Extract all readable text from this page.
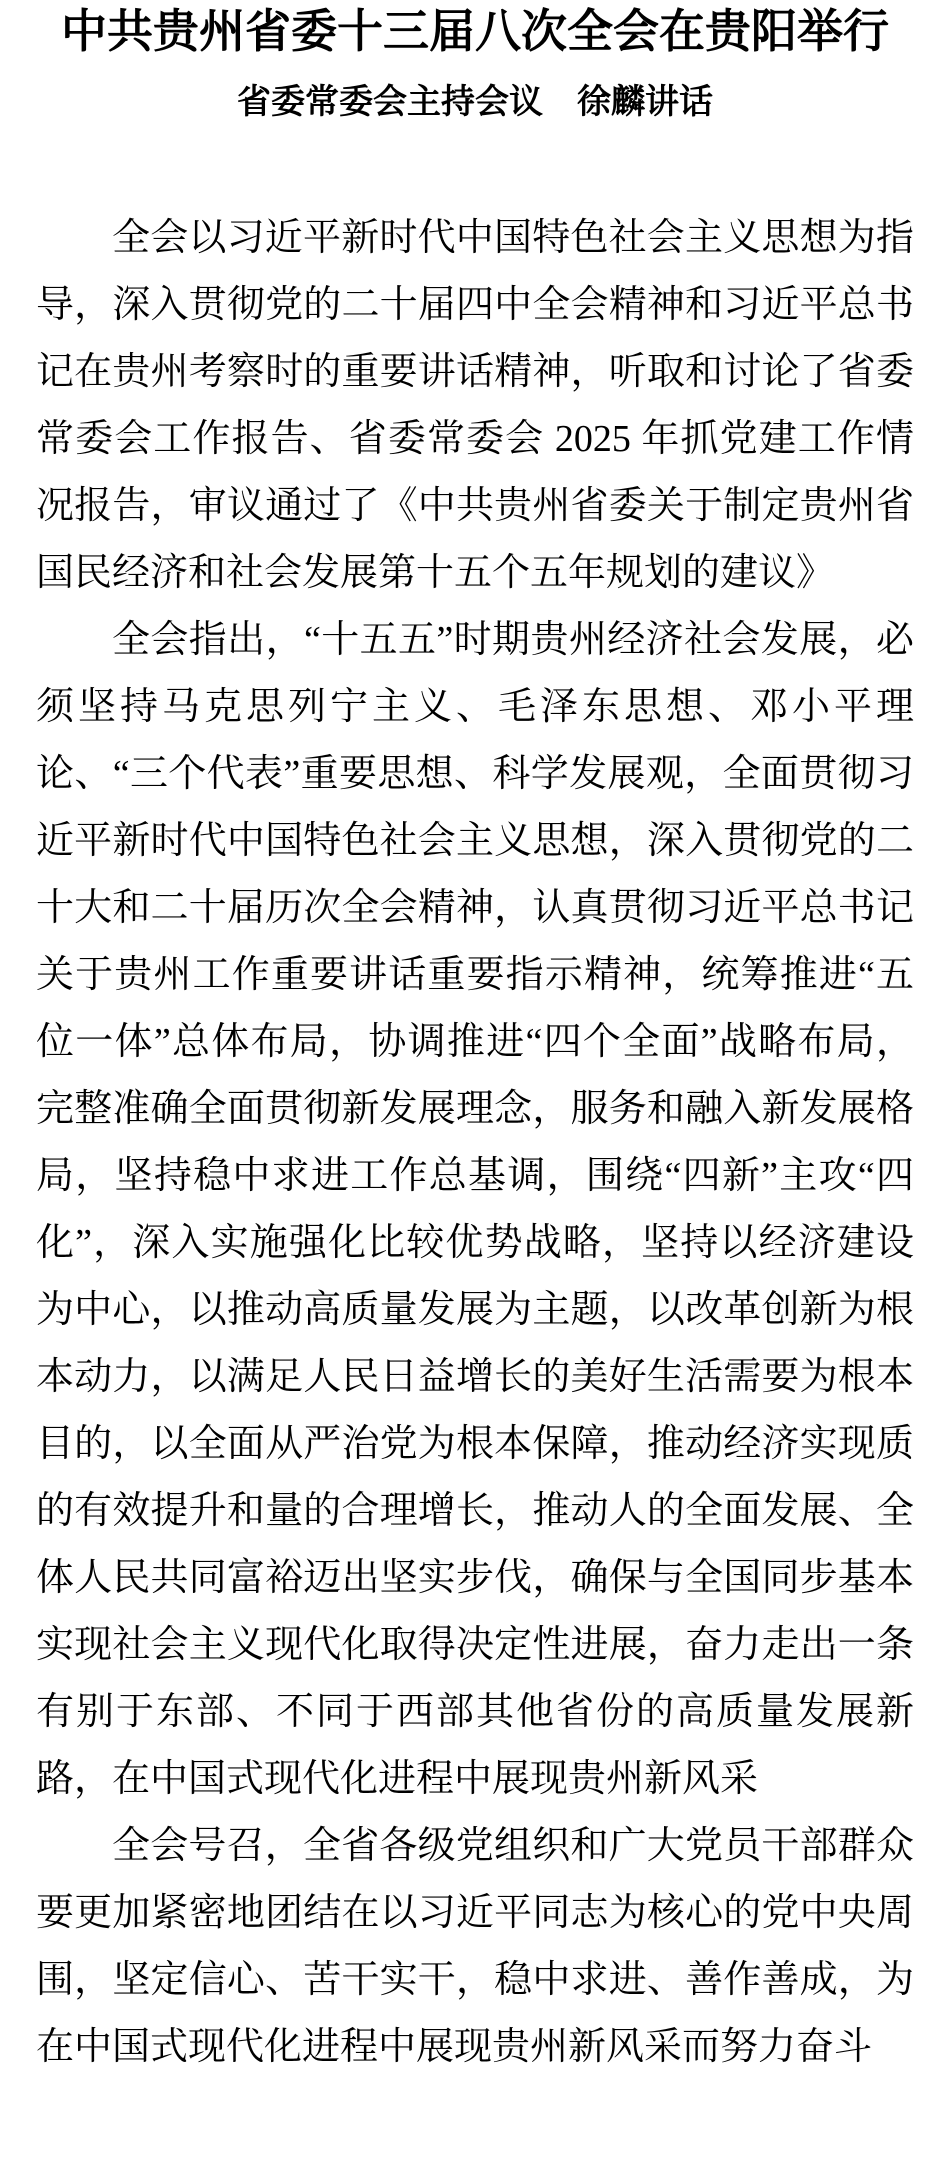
中共贵州省委十三届八次全会在贵阳举行
省委常委会主持会议　徐麟讲话

全会以习近平新时代中国特色社会主义思想为指导，深入贯彻党的二十届四中全会精神和习近平总书记在贵州考察时的重要讲话精神，听取和讨论了省委常委会工作报告、省委常委会 2025 年抓党建工作情况报告，审议通过了《中共贵州省委关于制定贵州省国民经济和社会发展第十五个五年规划的建议》

全会指出，“十五五”时期贵州经济社会发展，必须坚持马克思列宁主义、毛泽东思想、邓小平理论、“三个代表”重要思想、科学发展观，全面贯彻习近平新时代中国特色社会主义思想，深入贯彻党的二十大和二十届历次全会精神，认真贯彻习近平总书记关于贵州工作重要讲话重要指示精神，统筹推进“五位一体”总体布局，协调推进“四个全面”战略布局，完整准确全面贯彻新发展理念，服务和融入新发展格局，坚持稳中求进工作总基调，围绕“四新”主攻“四化”，深入实施强化比较优势战略，坚持以经济建设为中心，以推动高质量发展为主题，以改革创新为根本动力，以满足人民日益增长的美好生活需要为根本目的，以全面从严治党为根本保障，推动经济实现质的有效提升和量的合理增长，推动人的全面发展、全体人民共同富裕迈出坚实步伐，确保与全国同步基本实现社会主义现代化取得决定性进展，奋力走出一条有别于东部、不同于西部其他省份的高质量发展新路，在中国式现代化进程中展现贵州新风采

全会号召，全省各级党组织和广大党员干部群众要更加紧密地团结在以习近平同志为核心的党中央周围，坚定信心、苦干实干，稳中求进、善作善成，为在中国式现代化进程中展现贵州新风采而努力奋斗
